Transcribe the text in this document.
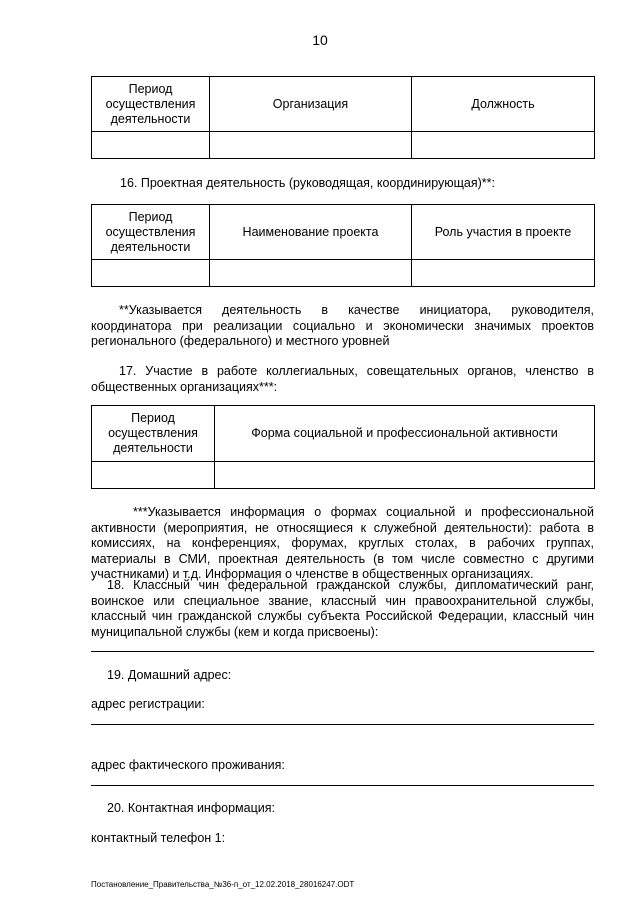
10
Период осуществления деятельности	Организация	Должность

16. Проектная деятельность (руководящая, координирующая)**:
Период осуществления деятельности	Наименование проекта	Роль участия в проекте

**Указывается деятельность в качестве инициатора, руководителя, координатора при реализации социально и экономически значимых проектов регионального (федерального) и местного уровней
17. Участие в работе коллегиальных, совещательных органов, членство в общественных организациях***:
Период осуществления деятельности	Форма социальной и профессиональной активности

***Указывается информация о формах социальной и профессиональной активности (мероприятия, не относящиеся к служебной деятельности): работа в комиссиях, на конференциях, форумах, круглых столах, в рабочих группах, материалы в СМИ, проектная деятельность (в том числе совместно с другими участниками) и т.д. Информация о членстве в общественных организациях.
18. Классный чин федеральной гражданской службы, дипломатический ранг, воинское или специальное звание, классный чин правоохранительной службы, классный чин гражданской службы субъекта Российской Федерации, классный чин муниципальной службы (кем и когда присвоены):
19. Домашний адрес:
адрес регистрации:
адрес фактического проживания:
20. Контактная информация:
контактный телефон 1:
Постановление_Правительства_№36-п_от_12.02.2018_28016247.ODT
